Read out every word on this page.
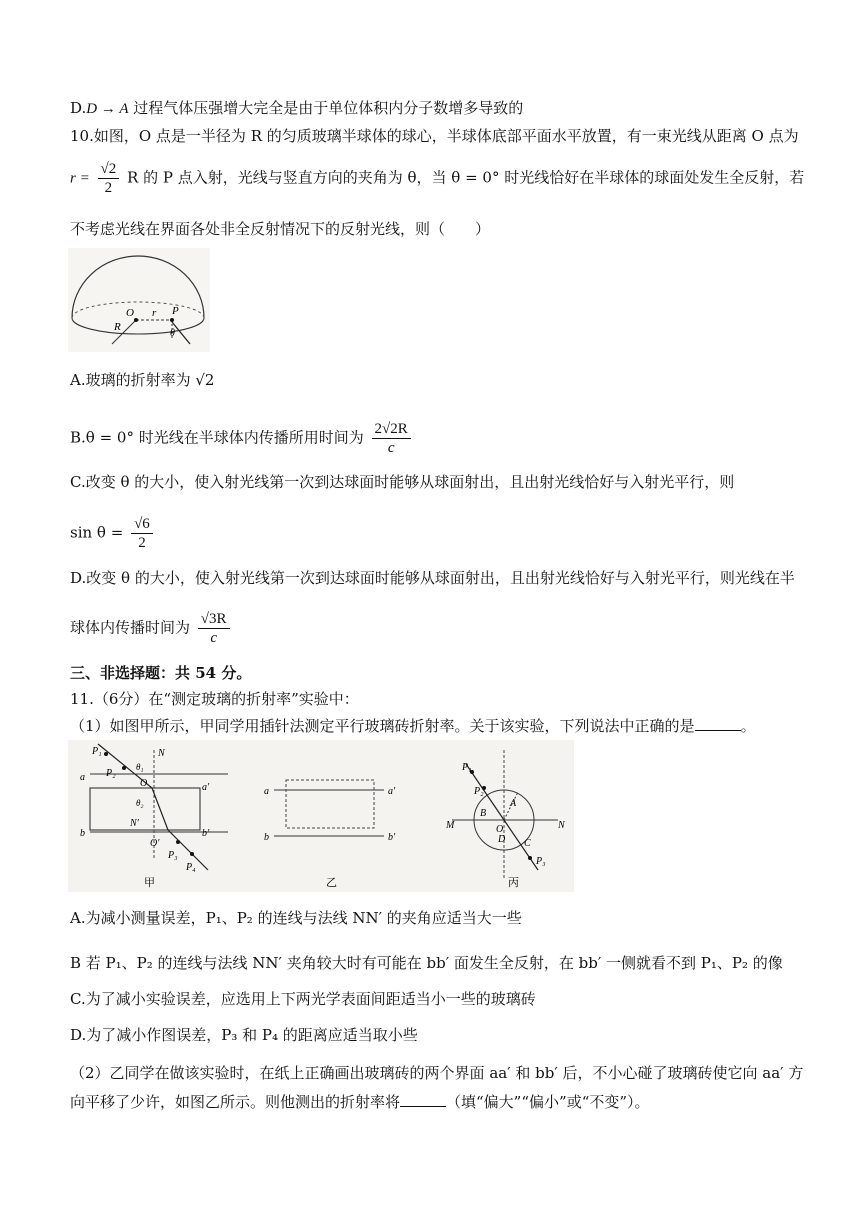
D.D → A 过程气体压强增大完全是由于单位体积内分子数增多导致的
10.如图，O 点是一半径为 R 的匀质玻璃半球体的球心，半球体底部平面水平放置，有一束光线从距离 O 点为
$r = \frac{√2}{2}$ R 的 P 点入射，光线与竖直方向的夹角为 θ，当 θ = 0° 时光线恰好在半球体的球面处发生全反射，若
不考虑光线在界面各处非全反射情况下的反射光线，则（　　）
O r P
R
θ
A.玻璃的折射率为 √2
B.θ = 0° 时光线在半球体内传播所用时间为 $\frac{2√2R}{c}$
C.改变 θ 的大小，使入射光线第一次到达球面时能够从球面射出，且出射光线恰好与入射光平行，则
$\sin \theta = \frac{√6}{2}$
D.改变 θ 的大小，使入射光线第一次到达球面时能够从球面射出，且出射光线恰好与入射光平行，则光线在半
球体内传播时间为 $\frac{√3R}{c}$
三、非选择题：共 54 分。
11.（6分）在“测定玻璃的折射率”实验中：
（1）如图甲所示，甲同学用插针法测定平行玻璃砖折射率。关于该实验，下列说法中正确的是	。
N
P₁
P₂
θ₁
O
a
a′
θ₂
N′
b	b′
O′
P₃
P₄
甲
a	a′
b	b′
乙
P₁
P₂
A
B
O
M	N
D C
P₃
丙
A.为减小测量误差，P₁、P₂ 的连线与法线 NN′ 的夹角应适当大一些
B 若 P₁、P₂ 的连线与法线 NN′ 夹角较大时有可能在 bb′ 面发生全反射，在 bb′ 一侧就看不到 P₁、P₂ 的像
C.为了减小实验误差，应选用上下两光学表面间距适当小一些的玻璃砖
D.为了减小作图误差，P₃ 和 P₄ 的距离应适当取小些
（2）乙同学在做该实验时，在纸上正确画出玻璃砖的两个界面 aa′ 和 bb′ 后，不小心碰了玻璃砖使它向 aa′ 方
向平移了少许，如图乙所示。则他测出的折射率将	（填“偏大”“偏小”或“不变”）。
